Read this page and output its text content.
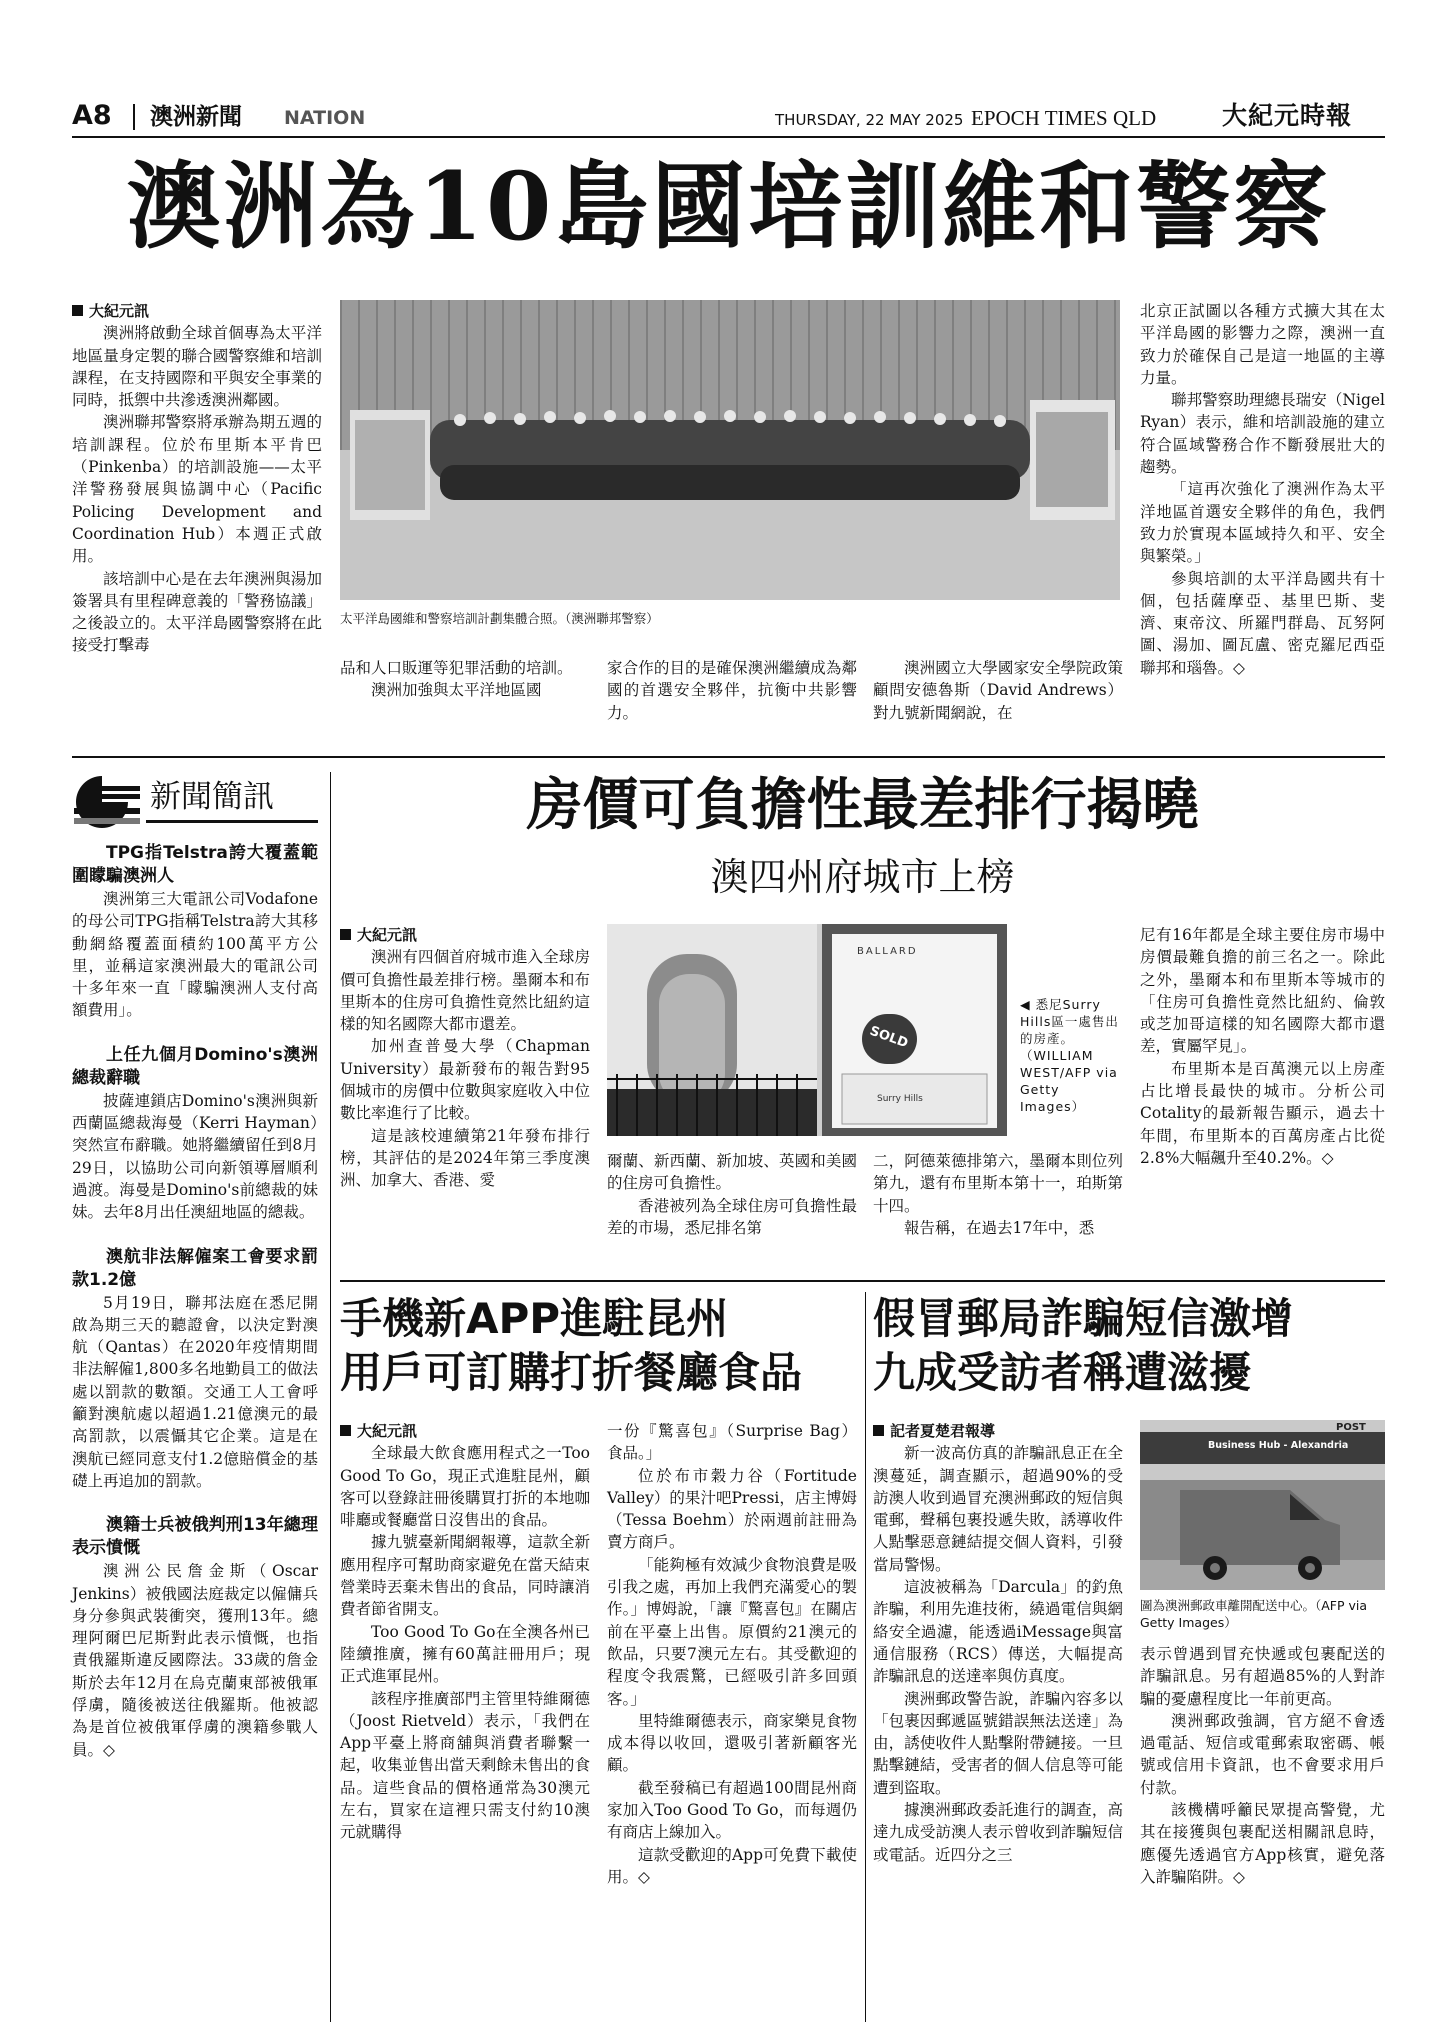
A8 澳洲新聞 NATION	THURSDAY, 22 MAY 2025 EPOCH TIMES QLD	大紀元時報
澳洲為10島國培訓維和警察

大紀元訊

澳洲將啟動全球首個專為太平洋地區量身定製的聯合國警察維和培訓課程，在支持國際和平與安全事業的同時，抵禦中共滲透澳洲鄰國。

澳洲聯邦警察將承辦為期五週的培訓課程。位於布里斯本平肯巴（Pinkenba）的培訓設施——太平洋警務發展與協調中心（Pacific Policing Development and Coordination Hub）本週正式啟用。

該培訓中心是在去年澳洲與湯加簽署具有里程碑意義的「警務協議」之後設立的。太平洋島國警察將在此接受打擊毒

太平洋島國維和警察培訓計劃集體合照。（澳洲聯邦警察）

品和人口販運等犯罪活動的培訓。

澳洲加強與太平洋地區國

家合作的目的是確保澳洲繼續成為鄰國的首選安全夥伴，抗衡中共影響力。

澳洲國立大學國家安全學院政策顧問安德魯斯（David Andrews）對九號新聞網說，在

北京正試圖以各種方式擴大其在太平洋島國的影響力之際，澳洲一直致力於確保自己是這一地區的主導力量。

聯邦警察助理總長瑞安（Nigel Ryan）表示，維和培訓設施的建立符合區域警務合作不斷發展壯大的趨勢。

「這再次強化了澳洲作為太平洋地區首選安全夥伴的角色，我們致力於實現本區域持久和平、安全與繁榮。」

參與培訓的太平洋島國共有十個，包括薩摩亞、基里巴斯、斐濟、東帝汶、所羅門群島、瓦努阿圖、湯加、圖瓦盧、密克羅尼西亞聯邦和瑙魯。◇

新聞簡訊

TPG指Telstra誇大覆蓋範圍矇騙澳洲人

澳洲第三大電訊公司Vodafone的母公司TPG指稱Telstra誇大其移動網絡覆蓋面積約100萬平方公里，並稱這家澳洲最大的電訊公司十多年來一直「矇騙澳洲人支付高額費用」。

上任九個月Domino's澳洲總裁辭職

披薩連鎖店Domino's澳洲與新西蘭區總裁海曼（Kerri Hayman）突然宣布辭職。她將繼續留任到8月29日，以協助公司向新領導層順利過渡。海曼是Domino's前總裁的妹妹。去年8月出任澳紐地區的總裁。

澳航非法解僱案工會要求罰款1.2億

5月19日，聯邦法庭在悉尼開啟為期三天的聽證會，以決定對澳航（Qantas）在2020年疫情期間非法解僱1,800多名地勤員工的做法處以罰款的數額。交通工人工會呼籲對澳航處以超過1.21億澳元的最高罰款，以震懾其它企業。這是在澳航已經同意支付1.2億賠償金的基礎上再追加的罰款。

澳籍士兵被俄判刑13年總理表示憤慨

澳洲公民詹金斯（Oscar Jenkins）被俄國法庭裁定以僱傭兵身分參與武裝衝突，獲刑13年。總理阿爾巴尼斯對此表示憤慨，也指責俄羅斯違反國際法。33歲的詹金斯於去年12月在烏克蘭東部被俄軍俘虜，隨後被送往俄羅斯。他被認為是首位被俄軍俘虜的澳籍參戰人員。◇

房價可負擔性最差排行揭曉
澳四州府城市上榜

大紀元訊

澳洲有四個首府城市進入全球房價可負擔性最差排行榜。墨爾本和布里斯本的住房可負擔性竟然比紐約這樣的知名國際大都市還差。

加州查普曼大學（Chapman University）最新發布的報告對95個城市的房價中位數與家庭收入中位數比率進行了比較。

這是該校連續第21年發布排行榜，其評估的是2024年第三季度澳洲、加拿大、香港、愛

BALLARD
SOLD
Surry Hills
◀ 悉尼Surry Hills區一處售出的房產。（WILLIAM WEST/AFP via Getty Images）

爾蘭、新西蘭、新加坡、英國和美國的住房可負擔性。

香港被列為全球住房可負擔性最差的市場，悉尼排名第

二，阿德萊德排第六，墨爾本則位列第九，還有布里斯本第十一，珀斯第十四。

報告稱，在過去17年中，悉

尼有16年都是全球主要住房市場中房價最難負擔的前三名之一。除此之外，墨爾本和布里斯本等城市的「住房可負擔性竟然比紐約、倫敦或芝加哥這樣的知名國際大都市還差，實屬罕見」。

布里斯本是百萬澳元以上房產占比增長最快的城市。分析公司Cotality的最新報告顯示，過去十年間，布里斯本的百萬房產占比從2.8%大幅飆升至40.2%。◇

手機新APP進駐昆州
用戶可訂購打折餐廳食品

大紀元訊

全球最大飲食應用程式之一Too Good To Go，現正式進駐昆州，顧客可以登錄註冊後購買打折的本地咖啡廳或餐廳當日沒售出的食品。

據九號臺新聞網報導，這款全新應用程序可幫助商家避免在當天結束營業時丟棄未售出的食品，同時讓消費者節省開支。

Too Good To Go在全澳各州已陸續推廣，擁有60萬註冊用戶；現正式進軍昆州。

該程序推廣部門主管里特維爾德（Joost Rietveld）表示，「我們在App平臺上將商舖與消費者聯繫一起，收集並售出當天剩餘未售出的食品。這些食品的價格通常為30澳元左右，買家在這裡只需支付約10澳元就購得

一份『驚喜包』（Surprise Bag）食品。」

位於布市穀力谷（Fortitude Valley）的果汁吧Pressi，店主博姆（Tessa Boehm）於兩週前註冊為賣方商戶。

「能夠極有效減少食物浪費是吸引我之處，再加上我們充滿愛心的製作。」博姆說，「讓『驚喜包』在關店前在平臺上出售。原價約21澳元的飲品，只要7澳元左右。其受歡迎的程度令我震驚，已經吸引許多回頭客。」

里特維爾德表示，商家樂見食物成本得以收回，還吸引著新顧客光顧。

截至發稿已有超過100間昆州商家加入Too Good To Go，而每週仍有商店上線加入。

這款受歡迎的App可免費下載使用。◇

假冒郵局詐騙短信激增
九成受訪者稱遭滋擾

記者夏楚君報導

新一波高仿真的詐騙訊息正在全澳蔓延，調查顯示，超過90%的受訪澳人收到過冒充澳洲郵政的短信與電郵，聲稱包裹投遞失敗，誘導收件人點擊惡意鏈結提交個人資料，引發當局警惕。

這波被稱為「Darcula」的釣魚詐騙，利用先進技術，繞過電信與網絡安全過濾，能透過iMessage與富通信服務（RCS）傳送，大幅提高詐騙訊息的送達率與仿真度。

澳洲郵政警告說，詐騙內容多以「包裹因郵遞區號錯誤無法送達」為由，誘使收件人點擊附帶鏈接。一旦點擊鏈結，受害者的個人信息等可能遭到盜取。

據澳洲郵政委託進行的調查，高達九成受訪澳人表示曾收到詐騙短信或電話。近四分之三

POST
Business Hub - Alexandria
圖為澳洲郵政車離開配送中心。（AFP via Getty Images）

表示曾遇到冒充快遞或包裹配送的詐騙訊息。另有超過85%的人對詐騙的憂慮程度比一年前更高。

澳洲郵政強調，官方絕不會透過電話、短信或電郵索取密碼、帳號或信用卡資訊，也不會要求用戶付款。

該機構呼籲民眾提高警覺，尤其在接獲與包裹配送相關訊息時，應優先透過官方App核實，避免落入詐騙陷阱。◇
